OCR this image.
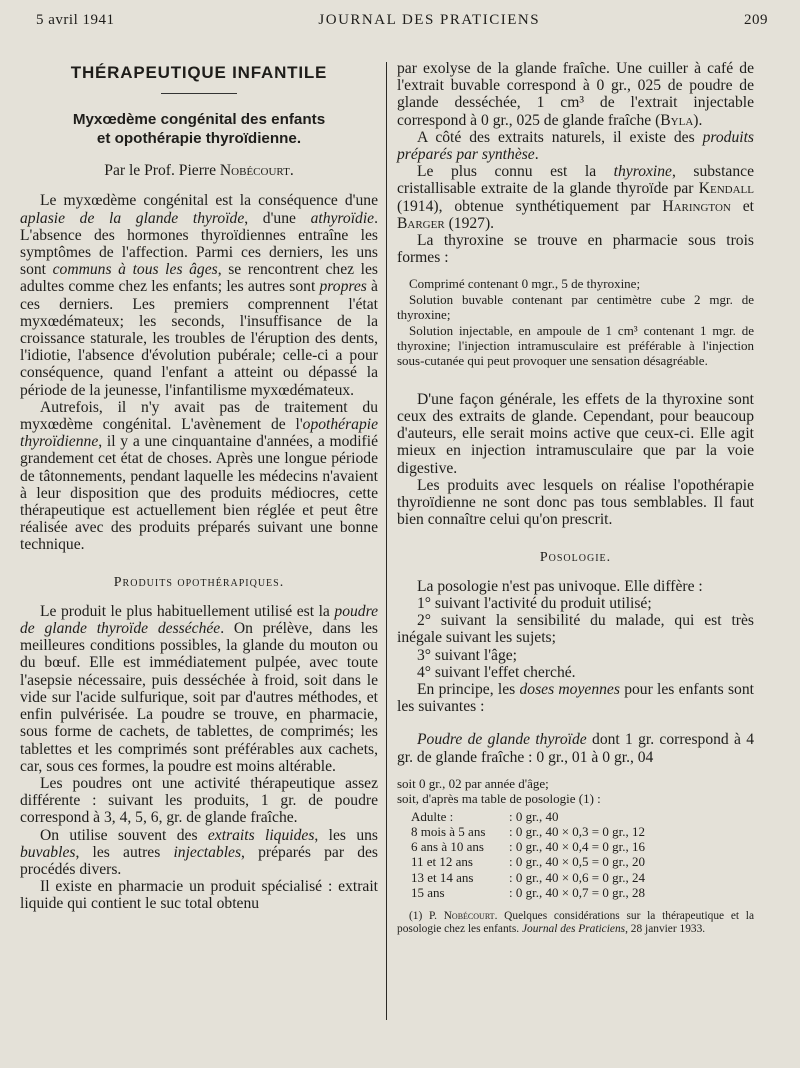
5 avril 1941	JOURNAL DES PRATICIENS	209
THÉRAPEUTIQUE INFANTILE
Myxœdème congénital des enfants
et opothérapie thyroïdienne.
Par le Prof. Pierre Nobécourt.

Le myxœdème congénital est la conséquence d'une aplasie de la glande thyroïde, d'une athyroïdie. L'absence des hormones thyroïdiennes entraîne les symptômes de l'affection. Parmi ces derniers, les uns sont communs à tous les âges, se rencontrent chez les adultes comme chez les enfants; les autres sont propres à ces derniers. Les premiers comprennent l'état myxœdémateux; les seconds, l'insuffisance de la croissance staturale, les troubles de l'éruption des dents, l'idiotie, l'absence d'évolution pubérale; celle-ci a pour conséquence, quand l'enfant a atteint ou dépassé la période de la jeunesse, l'infantilisme myxœdémateux.

Autrefois, il n'y avait pas de traitement du myxœdème congénital. L'avènement de l'opothérapie thyroïdienne, il y a une cinquantaine d'années, a modifié grandement cet état de choses. Après une longue période de tâtonnements, pendant laquelle les médecins n'avaient à leur disposition que des produits médiocres, cette thérapeutique est actuellement bien réglée et peut être réalisée avec des produits préparés suivant une bonne technique.

Produits opothérapiques.

Le produit le plus habituellement utilisé est la poudre de glande thyroïde desséchée. On prélève, dans les meilleures conditions possibles, la glande du mouton ou du bœuf. Elle est immédiatement pulpée, avec toute l'asepsie nécessaire, puis desséchée à froid, soit dans le vide sur l'acide sulfurique, soit par d'autres méthodes, et enfin pulvérisée. La poudre se trouve, en pharmacie, sous forme de cachets, de tablettes, de comprimés; les tablettes et les comprimés sont préférables aux cachets, car, sous ces formes, la poudre est moins altérable.

Les poudres ont une activité thérapeutique assez différente : suivant les produits, 1 gr. de poudre correspond à 3, 4, 5, 6, gr. de glande fraîche.

On utilise souvent des extraits liquides, les uns buvables, les autres injectables, préparés par des procédés divers.

Il existe en pharmacie un produit spécialisé : extrait liquide qui contient le suc total obtenu

par exolyse de la glande fraîche. Une cuiller à café de l'extrait buvable correspond à 0 gr., 025 de poudre de glande desséchée, 1 cm³ de l'extrait injectable correspond à 0 gr., 025 de glande fraîche (Byla).

A côté des extraits naturels, il existe des produits préparés par synthèse.

Le plus connu est la thyroxine, substance cristallisable extraite de la glande thyroïde par Kendall (1914), obtenue synthétiquement par Harington et Barger (1927).

La thyroxine se trouve en pharmacie sous trois formes :

Comprimé contenant 0 mgr., 5 de thyroxine;

Solution buvable contenant par centimètre cube 2 mgr. de thyroxine;

Solution injectable, en ampoule de 1 cm³ contenant 1 mgr. de thyroxine; l'injection intramusculaire est préférable à l'injection sous-cutanée qui peut provoquer une sensation désagréable.

D'une façon générale, les effets de la thyroxine sont ceux des extraits de glande. Cependant, pour beaucoup d'auteurs, elle serait moins active que ceux-ci. Elle agit mieux en injection intramusculaire que par la voie digestive.

Les produits avec lesquels on réalise l'opothérapie thyroïdienne ne sont donc pas tous semblables. Il faut bien connaître celui qu'on prescrit.

Posologie.

La posologie n'est pas univoque. Elle diffère :

1° suivant l'activité du produit utilisé;

2° suivant la sensibilité du malade, qui est très inégale suivant les sujets;

3° suivant l'âge;

4° suivant l'effet cherché.

En principe, les doses moyennes pour les enfants sont les suivantes :

Poudre de glande thyroïde dont 1 gr. correspond à 4 gr. de glande fraîche : 0 gr., 01 à 0 gr., 04

soit 0 gr., 02 par année d'âge;

soit, d'après ma table de posologie (1) :

Adulte :	: 0 gr., 40
8 mois à 5 ans	: 0 gr., 40 × 0,3 = 0 gr., 12
6 ans à 10 ans	: 0 gr., 40 × 0,4 = 0 gr., 16
11 et 12 ans	: 0 gr., 40 × 0,5 = 0 gr., 20
13 et 14 ans	: 0 gr., 40 × 0,6 = 0 gr., 24
15 ans	: 0 gr., 40 × 0,7 = 0 gr., 28

(1) P. Nobécourt. Quelques considérations sur la thérapeutique et la posologie chez les enfants. Journal des Praticiens, 28 janvier 1933.
